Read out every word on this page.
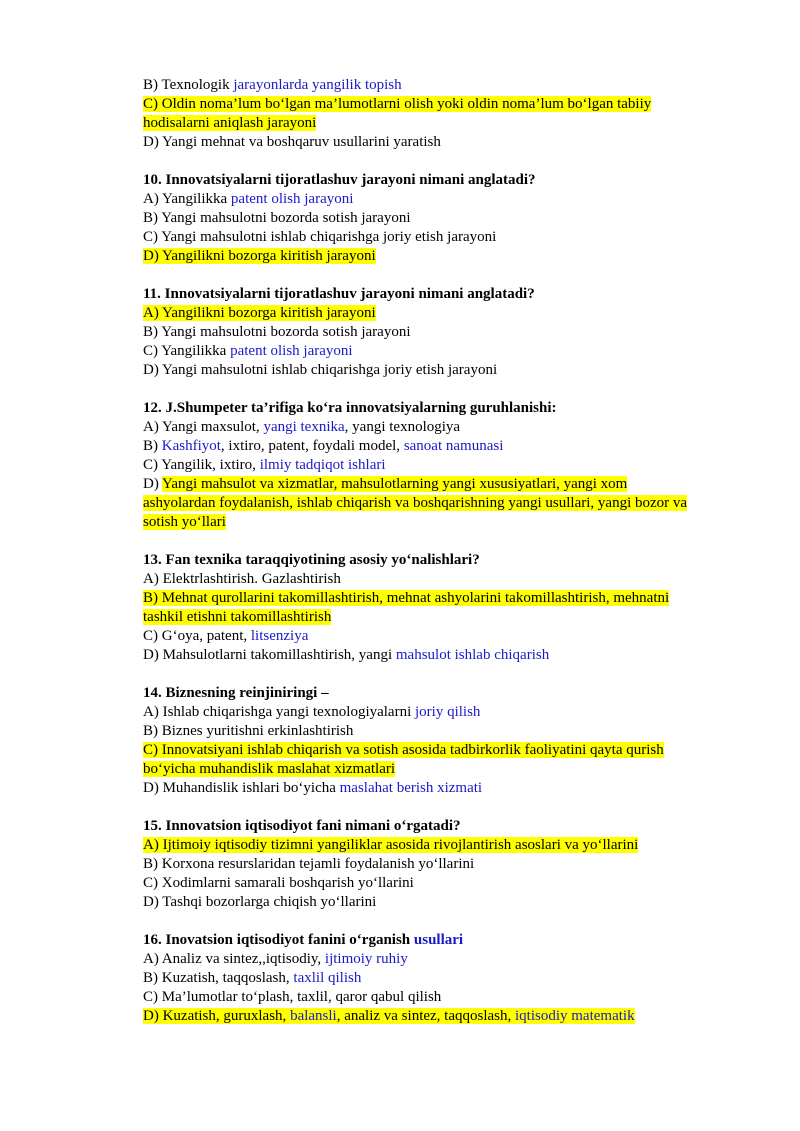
B) Texnologik jarayonlarda yangilik topish
C) Oldin noma’lum bo‘lgan ma’lumotlarni olish yoki oldin noma’lum bo‘lgan tabiiy
hodisalarni aniqlash jarayoni
D) Yangi mehnat va boshqaruv usullarini yaratish
10. Innovatsiyalarni tijoratlashuv jarayoni nimani anglatadi?
A) Yangilikka patent olish jarayoni
B) Yangi mahsulotni bozorda sotish jarayoni
C) Yangi mahsulotni ishlab chiqarishga joriy etish jarayoni
D) Yangilikni bozorga kiritish jarayoni
11. Innovatsiyalarni tijoratlashuv jarayoni nimani anglatadi?
A) Yangilikni bozorga kiritish jarayoni
B) Yangi mahsulotni bozorda sotish jarayoni
C) Yangilikka patent olish jarayoni
D) Yangi mahsulotni ishlab chiqarishga joriy etish jarayoni
12. J.Shumpeter ta’rifiga ko‘ra innovatsiyalarning guruhlanishi:
A) Yangi maxsulot, yangi texnika, yangi texnologiya
B) Kashfiyot, ixtiro, patent, foydali model, sanoat namunasi
C) Yangilik, ixtiro, ilmiy tadqiqot ishlari
D) Yangi mahsulot va xizmatlar, mahsulotlarning yangi xususiyatlari, yangi xom
ashyolardan foydalanish, ishlab chiqarish va boshqarishning yangi usullari, yangi bozor va
sotish yo‘llari
13. Fan texnika taraqqiyotining asosiy yo‘nalishlari?
A) Elektrlashtirish. Gazlashtirish
B) Mehnat qurollarini takomillashtirish, mehnat ashyolarini takomillashtirish, mehnatni
tashkil etishni takomillashtirish
C) G‘oya, patent, litsenziya
D) Mahsulotlarni takomillashtirish, yangi mahsulot ishlab chiqarish
14. Biznesning reinjiniringi –
A) Ishlab chiqarishga yangi texnologiyalarni joriy qilish
B) Biznes yuritishni erkinlashtirish
C) Innovatsiyani ishlab chiqarish va sotish asosida tadbirkorlik faoliyatini qayta qurish
bo‘yicha muhandislik maslahat xizmatlari
D) Muhandislik ishlari bo‘yicha maslahat berish xizmati
15. Innovatsion iqtisodiyot fani nimani o‘rgatadi?
A) Ijtimoiy iqtisodiy tizimni yangiliklar asosida rivojlantirish asoslari va yo‘llarini
B) Korxona resurslaridan tejamli foydalanish yo‘llarini
C) Xodimlarni samarali boshqarish yo‘llarini
D) Tashqi bozorlarga chiqish yo‘llarini
16. Inovatsion iqtisodiyot fanini o‘rganish usullari
A) Analiz va sintez,,iqtisodiy, ijtimoiy ruhiy
B) Kuzatish, taqqoslash, taxlil qilish
C) Ma’lumotlar to‘plash, taxlil, qaror qabul qilish
D) Kuzatish, guruxlash, balansli, analiz va sintez, taqqoslash, iqtisodiy matematik
